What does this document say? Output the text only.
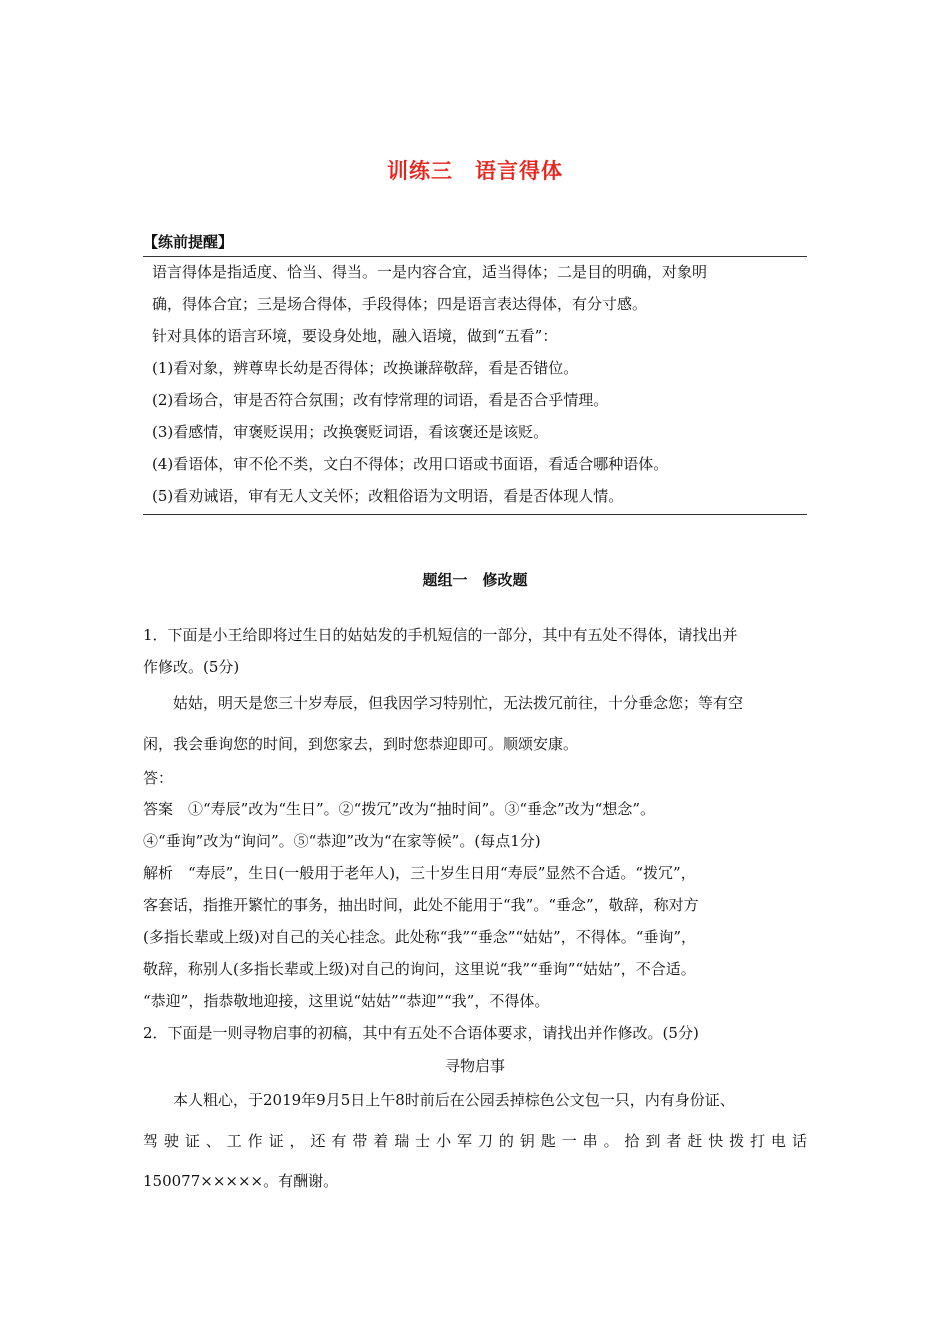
训练三　语言得体
【练前提醒】
语言得体是指适度、恰当、得当。一是内容合宜，适当得体；二是目的明确，对象明
确，得体合宜；三是场合得体，手段得体；四是语言表达得体，有分寸感。
针对具体的语言环境，要设身处地，融入语境，做到“五看”：
(1)看对象，辨尊卑长幼是否得体；改换谦辞敬辞，看是否错位。
(2)看场合，审是否符合氛围；改有悖常理的词语，看是否合乎情理。
(3)看感情，审褒贬误用；改换褒贬词语，看该褒还是该贬。
(4)看语体，审不伦不类，文白不得体；改用口语或书面语，看适合哪种语体。
(5)看劝诫语，审有无人文关怀；改粗俗语为文明语，看是否体现人情。
题组一　修改题
1．下面是小王给即将过生日的姑姑发的手机短信的一部分，其中有五处不得体，请找出并
作修改。(5分)
姑姑，明天是您三十岁寿辰，但我因学习特别忙，无法拨冗前往，十分垂念您；等有空
闲，我会垂询您的时间，到您家去，到时您恭迎即可。顺颂安康。
答：
答案　①“寿辰”改为“生日”。②“拨冗”改为“抽时间”。③“垂念”改为“想念”。
④“垂询”改为“询问”。⑤“恭迎”改为“在家等候”。(每点1分)
解析　“寿辰”，生日(一般用于老年人)，三十岁生日用“寿辰”显然不合适。“拨冗”，
客套话，指推开繁忙的事务，抽出时间，此处不能用于“我”。“垂念”，敬辞，称对方
(多指长辈或上级)对自己的关心挂念。此处称“我”“垂念”“姑姑”，不得体。“垂询”，
敬辞，称别人(多指长辈或上级)对自己的询问，这里说“我”“垂询”“姑姑”，不合适。
“恭迎”，指恭敬地迎接，这里说“姑姑”“恭迎”“我”，不得体。
2．下面是一则寻物启事的初稿，其中有五处不合语体要求，请找出并作修改。(5分)
寻物启事
本人粗心，于2019年9月5日上午8时前后在公园丢掉棕色公文包一只，内有身份证、
驾驶证、工作证，还有带着瑞士小军刀的钥匙一串。拾到者赶快拨打电话
150077×××××。有酬谢。
